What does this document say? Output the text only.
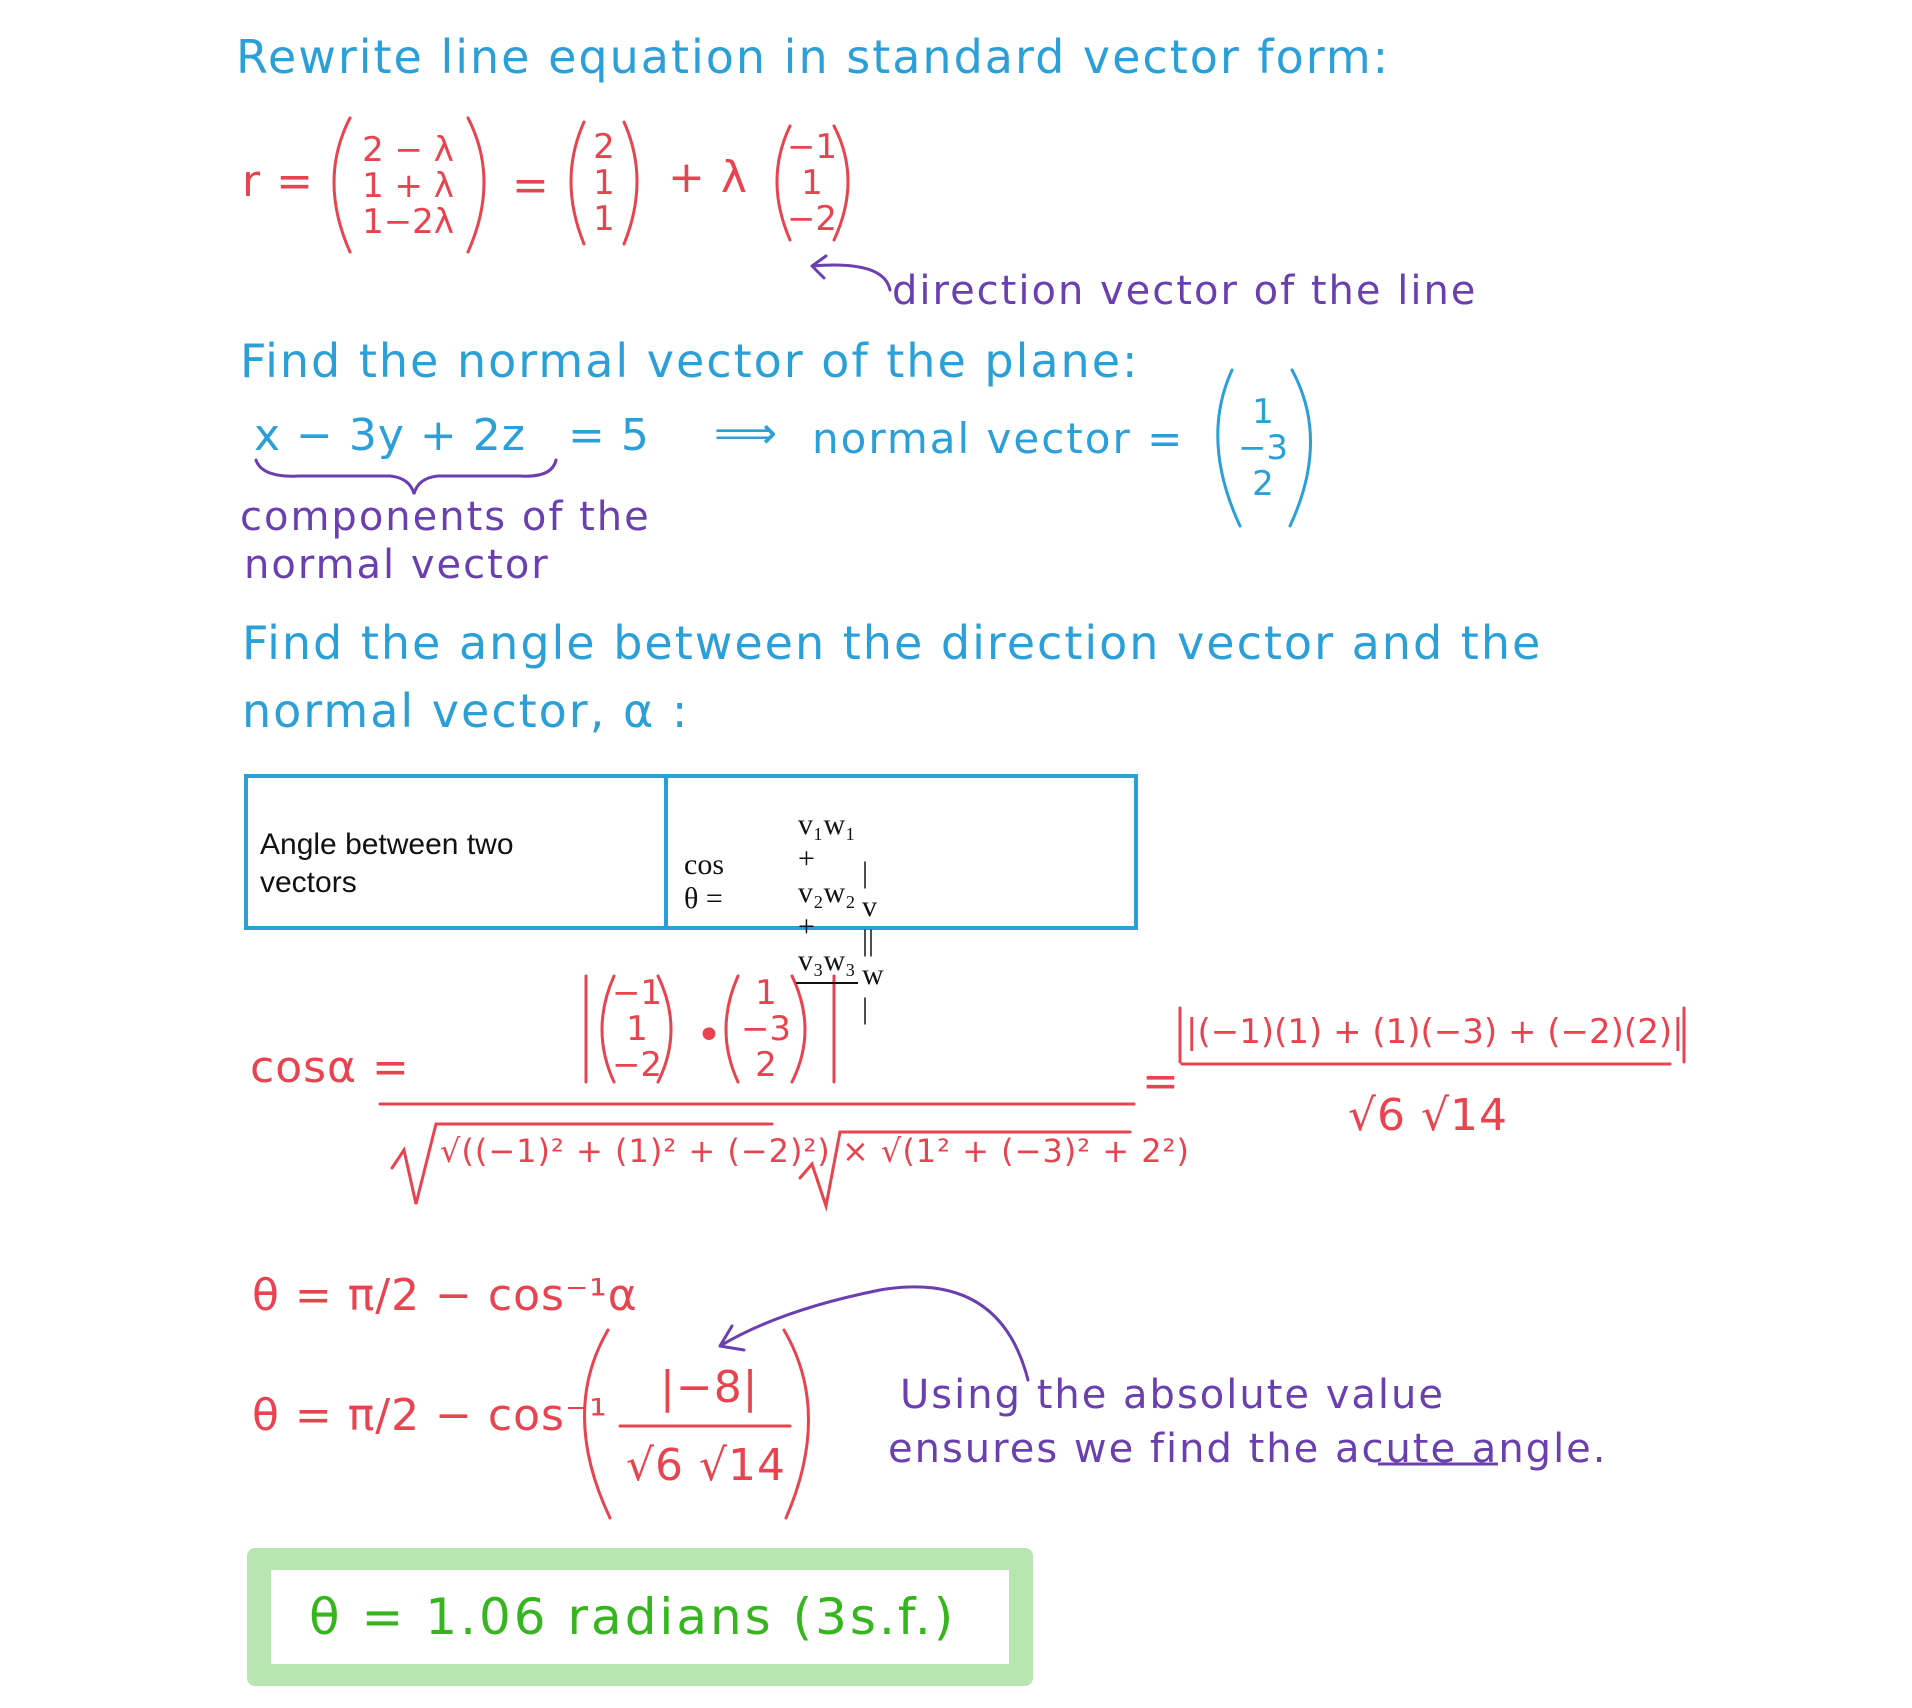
Rewrite line equation in standard vector form:
r =
2 − λ
1 + λ
1−2λ
=
2
1
1
+ λ
−1
1
−2
direction vector of the line
Find the normal vector of the plane:
x − 3y + 2z = 5 ⟹ normal vector =
1
−3
2
components of the
normal vector
Find the angle between the direction vector and the
normal vector, α :
Angle between two vectors
cos θ =
v₁w₁ + v₂w₂ + v₃w₃
| v || w |
cosα =
−1
1
−2
•
1
−3
2
√((−1)² + (1)² + (−2)²) × √(1² + (−3)² + 2²)
=
|(−1)(1) + (1)(−3) + (−2)(2)|
√6 √14
θ = π/2 − cos⁻¹α
θ = π/2 − cos⁻¹
|−8|
√6 √14
Using the absolute value
ensures we find the acute angle.
θ = 1.06 radians (3s.f.)
